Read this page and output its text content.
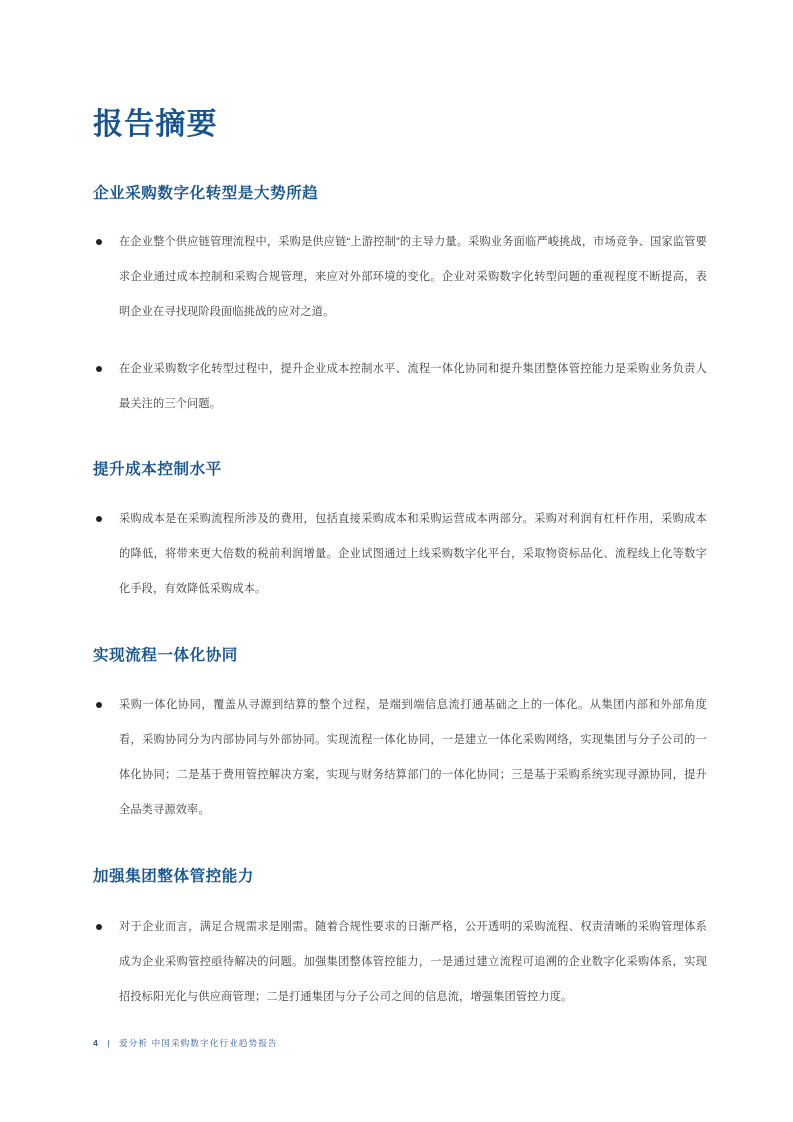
报告摘要
企业采购数字化转型是大势所趋
在企业整个供应链管理流程中，采购是供应链“上游控制”的主导力量。采购业务面临严峻挑战，市场竞争、国家监管要求企业通过成本控制和采购合规管理，来应对外部环境的变化。企业对采购数字化转型问题的重视程度不断提高，表明企业在寻找现阶段面临挑战的应对之道。
在企业采购数字化转型过程中，提升企业成本控制水平、流程一体化协同和提升集团整体管控能力是采购业务负责人最关注的三个问题。
提升成本控制水平
采购成本是在采购流程所涉及的费用，包括直接采购成本和采购运营成本两部分。采购对利润有杠杆作用，采购成本的降低，将带来更大倍数的税前利润增量。企业试图通过上线采购数字化平台，采取物资标品化、流程线上化等数字化手段，有效降低采购成本。
实现流程一体化协同
采购一体化协同，覆盖从寻源到结算的整个过程，是端到端信息流打通基础之上的一体化。从集团内部和外部角度看，采购协同分为内部协同与外部协同。实现流程一体化协同，一是建立一体化采购网络，实现集团与分子公司的一体化协同；二是基于费用管控解决方案，实现与财务结算部门的一体化协同；三是基于采购系统实现寻源协同，提升全品类寻源效率。
加强集团整体管控能力
对于企业而言，满足合规需求是刚需。随着合规性要求的日渐严格，公开透明的采购流程、权责清晰的采购管理体系成为企业采购管控亟待解决的问题。加强集团整体管控能力，一是通过建立流程可追溯的企业数字化采购体系，实现招投标阳光化与供应商管理；二是打通集团与分子公司之间的信息流，增强集团管控力度。
4 | 爱分析 中国采购数字化行业趋势报告
